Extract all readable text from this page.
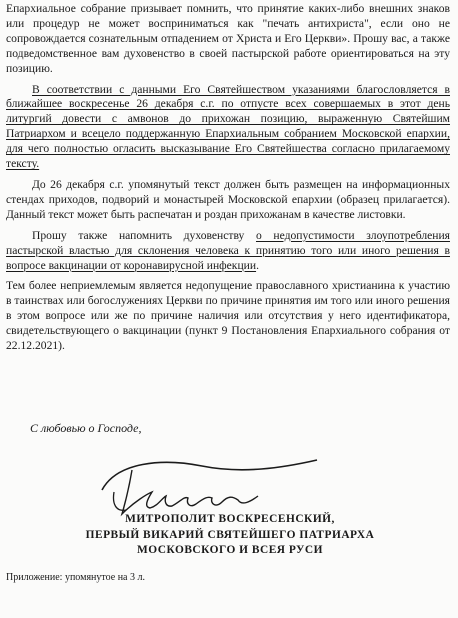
Епархиальное собрание призывает помнить, что принятие каких-либо внешних знаков или процедур не может восприниматься как "печать антихриста", если оно не сопровождается сознательным отпадением от Христа и Его Церкви». Прошу вас, а также подведомственное вам духовенство в своей пастырской работе ориентироваться на эту позицию.

В соответствии с данными Его Святейшеством указаниями благословляется в ближайшее воскресенье 26 декабря с.г. по отпусте всех совершаемых в этот день литургий довести с амвонов до прихожан позицию, выраженную Святейшим Патриархом и всецело поддержанную Епархиальным собранием Московской епархии, для чего полностью огласить высказывание Его Святейшества согласно прилагаемому тексту.

До 26 декабря с.г. упомянутый текст должен быть размещен на информационных стендах приходов, подворий и монастырей Московской епархии (образец прилагается). Данный текст может быть распечатан и роздан прихожанам в качестве листовки.

Прошу также напомнить духовенству о недопустимости злоупотребления пастырской властью для склонения человека к принятию того или иного решения в вопросе вакцинации от коронавирусной инфекции.

Тем более неприемлемым является недопущение православного христианина к участию в таинствах или богослужениях Церкви по причине принятия им того или иного решения в этом вопросе или же по причине наличия или отсутствия у него идентификатора, свидетельствующего о вакцинации (пункт 9 Постановления Епархиального собрания от 22.12.2021).

С любовью о Господе,
МИТРОПОЛИТ ВОСКРЕСЕНСКИЙ,
ПЕРВЫЙ ВИКАРИЙ СВЯТЕЙШЕГО ПАТРИАРХА
МОСКОВСКОГО И ВСЕЯ РУСИ
Приложение: упомянутое на 3 л.
